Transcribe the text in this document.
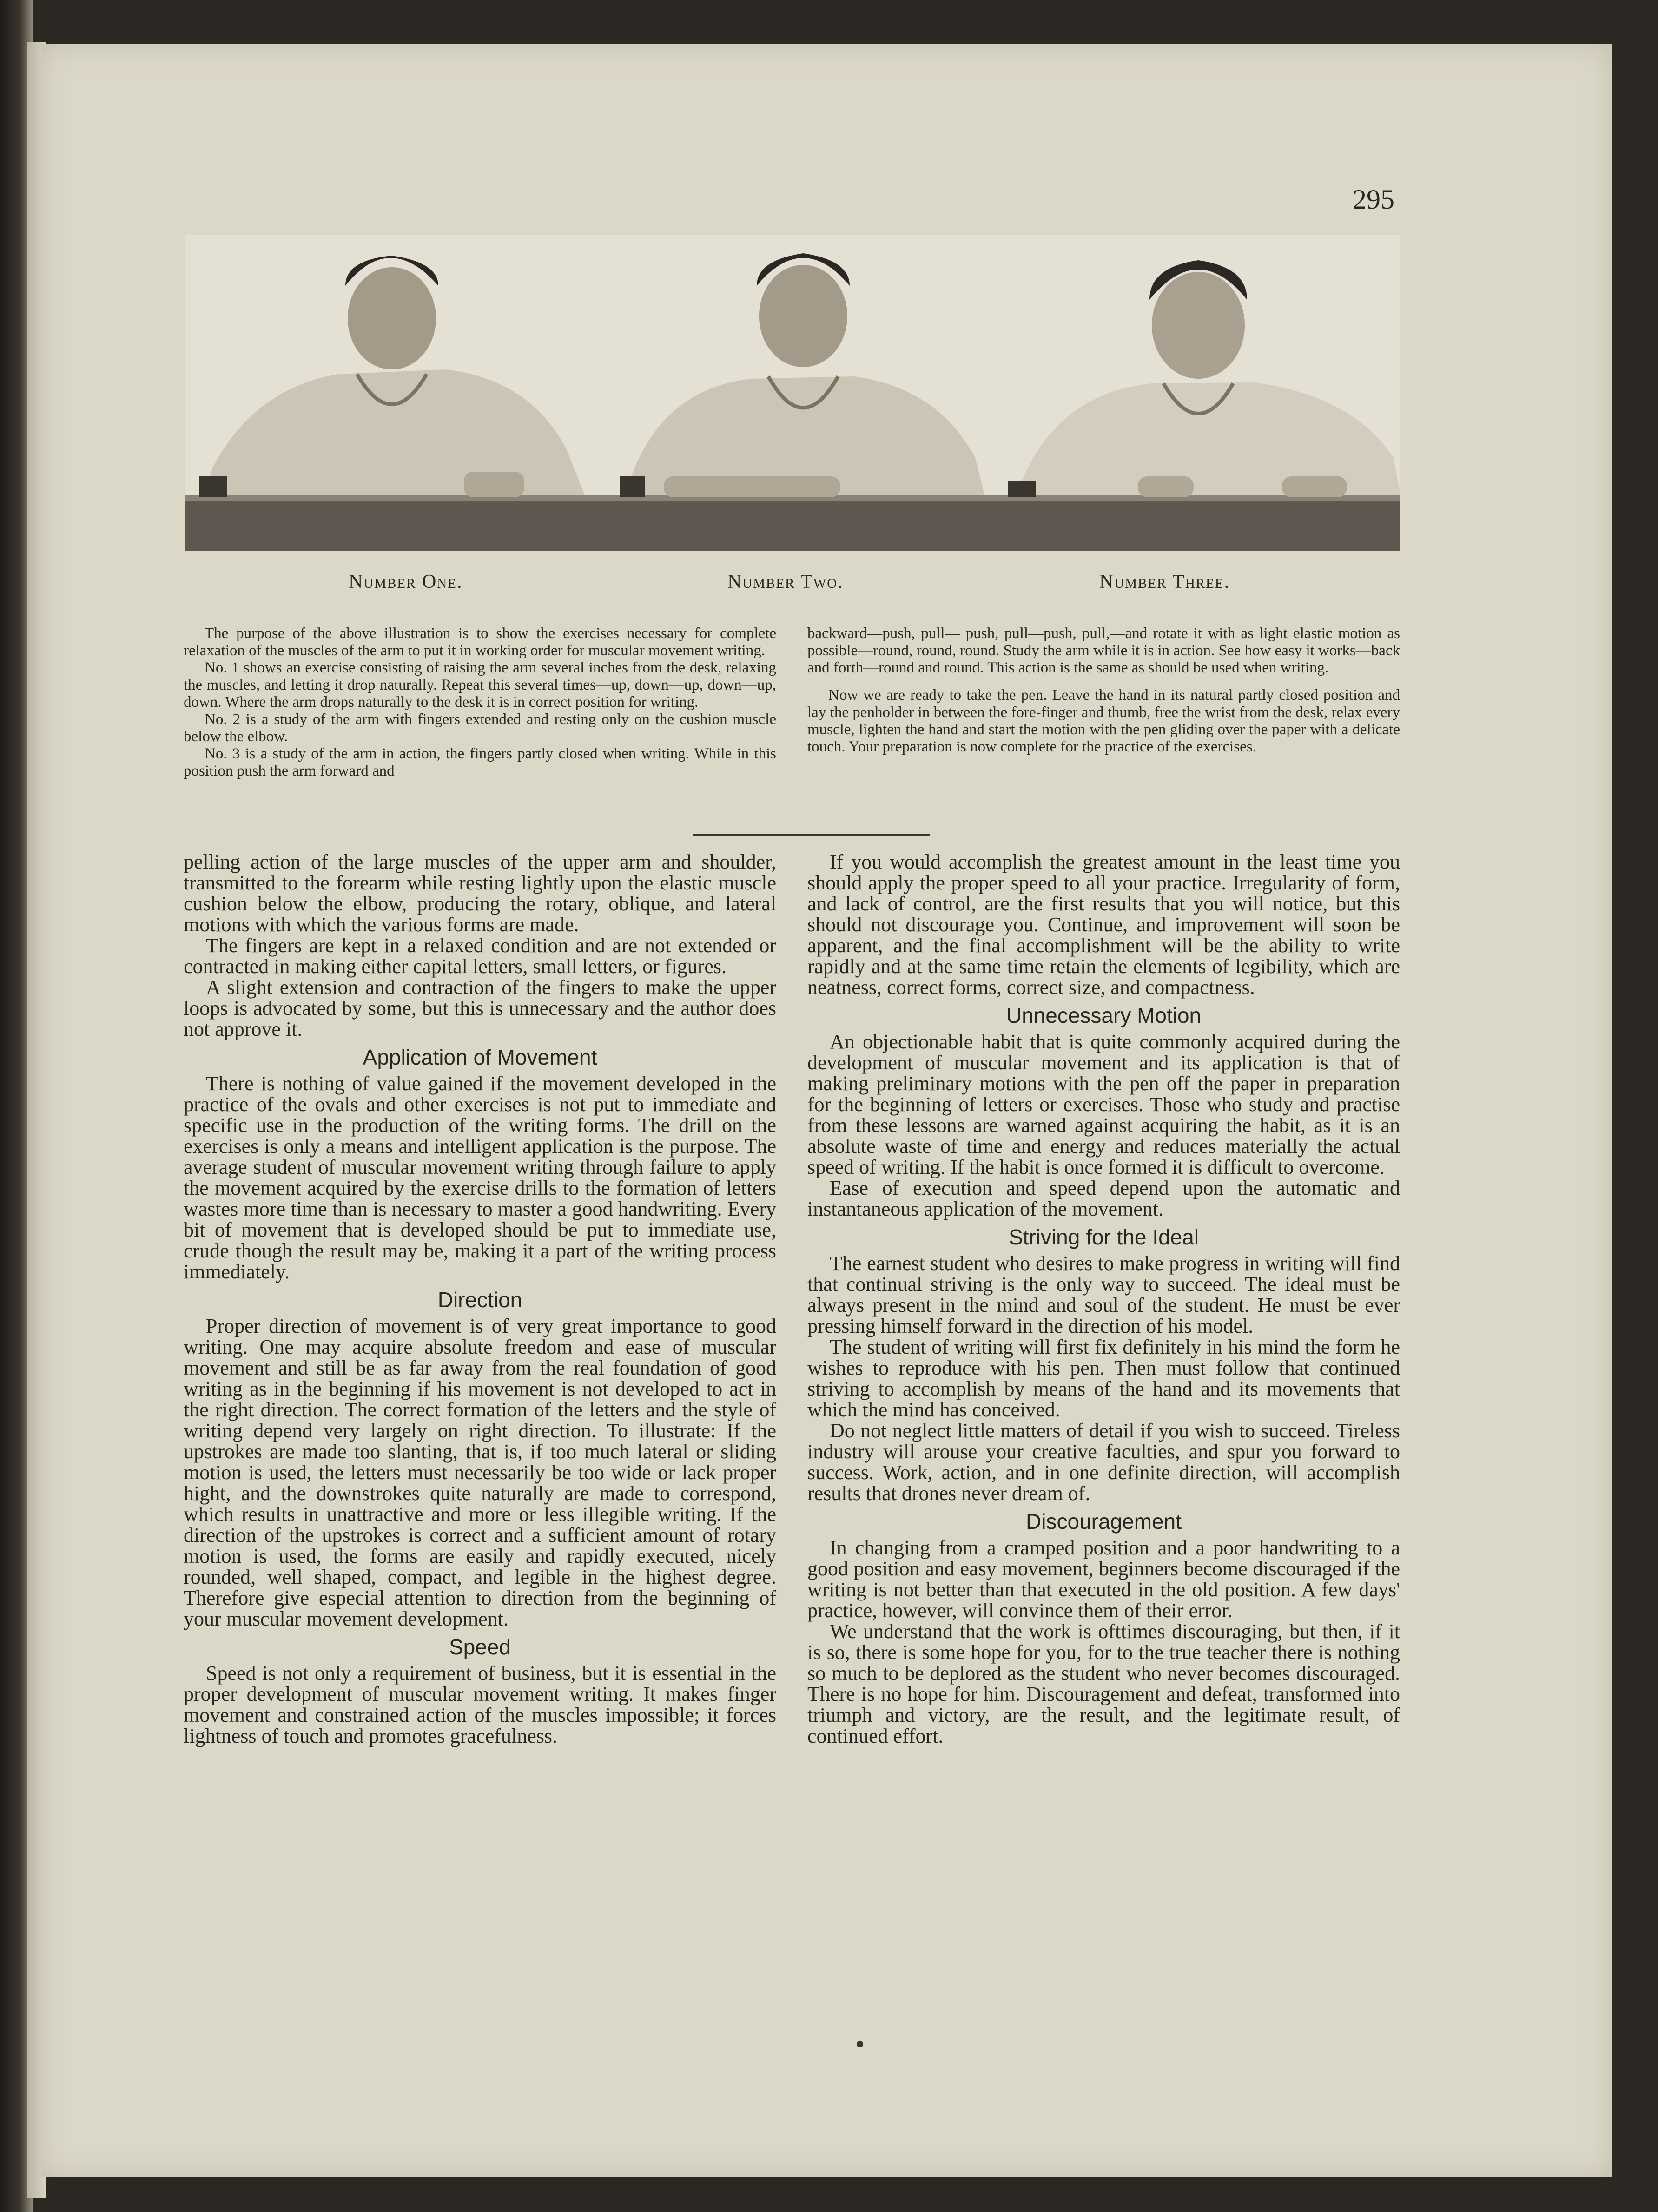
295
Number One.	Number Two.	Number Three.

The purpose of the above illustration is to show the exercises necessary for complete relaxation of the muscles of the arm to put it in working order for muscular movement writing.

No. 1 shows an exercise consisting of raising the arm several inches from the desk, relaxing the muscles, and letting it drop naturally. Repeat this several times—up, down—up, down—up, down. Where the arm drops naturally to the desk it is in correct position for writing.

No. 2 is a study of the arm with fingers extended and resting only on the cushion muscle below the elbow.

No. 3 is a study of the arm in action, the fingers partly closed when writing. While in this position push the arm forward and

backward—push, pull— push, pull—push, pull,—and rotate it with as light elastic motion as possible—round, round, round. Study the arm while it is in action. See how easy it works—back and forth—round and round. This action is the same as should be used when writing.

Now we are ready to take the pen. Leave the hand in its natural partly closed position and lay the penholder in between the fore-finger and thumb, free the wrist from the desk, relax every muscle, lighten the hand and start the motion with the pen gliding over the paper with a delicate touch. Your preparation is now complete for the practice of the exercises.

pelling action of the large muscles of the upper arm and shoulder, transmitted to the forearm while resting lightly upon the elastic muscle cushion below the elbow, producing the rotary, oblique, and lateral motions with which the various forms are made.

The fingers are kept in a relaxed condition and are not extended or contracted in making either capital letters, small letters, or figures.

A slight extension and contraction of the fingers to make the upper loops is advocated by some, but this is unnecessary and the author does not approve it.

Application of Movement

There is nothing of value gained if the movement developed in the practice of the ovals and other exercises is not put to immediate and specific use in the production of the writing forms. The drill on the exercises is only a means and intelligent application is the purpose. The average student of muscular movement writing through failure to apply the movement acquired by the exercise drills to the formation of letters wastes more time than is necessary to master a good handwriting. Every bit of movement that is developed should be put to immediate use, crude though the result may be, making it a part of the writing process immediately.

Direction

Proper direction of movement is of very great importance to good writing. One may acquire absolute freedom and ease of muscular movement and still be as far away from the real foundation of good writing as in the beginning if his movement is not developed to act in the right direction. The correct formation of the letters and the style of writing depend very largely on right direction. To illustrate: If the upstrokes are made too slanting, that is, if too much lateral or sliding motion is used, the letters must necessarily be too wide or lack proper hight, and the downstrokes quite naturally are made to correspond, which results in unattractive and more or less illegible writing. If the direction of the upstrokes is correct and a sufficient amount of rotary motion is used, the forms are easily and rapidly executed, nicely rounded, well shaped, compact, and legible in the highest degree. Therefore give especial attention to direction from the beginning of your muscular movement development.

Speed

Speed is not only a requirement of business, but it is essential in the proper development of muscular movement writing. It makes finger movement and constrained action of the muscles impossible; it forces lightness of touch and promotes gracefulness.

If you would accomplish the greatest amount in the least time you should apply the proper speed to all your practice. Irregularity of form, and lack of control, are the first results that you will notice, but this should not discourage you. Continue, and improvement will soon be apparent, and the final accomplishment will be the ability to write rapidly and at the same time retain the elements of legibility, which are neatness, correct forms, correct size, and compactness.

Unnecessary Motion

An objectionable habit that is quite commonly acquired during the development of muscular movement and its application is that of making preliminary motions with the pen off the paper in preparation for the beginning of letters or exercises. Those who study and practise from these lessons are warned against acquiring the habit, as it is an absolute waste of time and energy and reduces materially the actual speed of writing. If the habit is once formed it is difficult to overcome.

Ease of execution and speed depend upon the automatic and instantaneous application of the movement.

Striving for the Ideal

The earnest student who desires to make progress in writing will find that continual striving is the only way to succeed. The ideal must be always present in the mind and soul of the student. He must be ever pressing himself forward in the direction of his model.

The student of writing will first fix definitely in his mind the form he wishes to reproduce with his pen. Then must follow that continued striving to accomplish by means of the hand and its movements that which the mind has conceived.

Do not neglect little matters of detail if you wish to succeed. Tireless industry will arouse your creative faculties, and spur you forward to success. Work, action, and in one definite direction, will accomplish results that drones never dream of.

Discouragement

In changing from a cramped position and a poor handwriting to a good position and easy movement, beginners become discouraged if the writing is not better than that executed in the old position. A few days' practice, however, will convince them of their error.

We understand that the work is ofttimes discouraging, but then, if it is so, there is some hope for you, for to the true teacher there is nothing so much to be deplored as the student who never becomes discouraged. There is no hope for him. Discouragement and defeat, transformed into triumph and victory, are the result, and the legitimate result, of continued effort.
